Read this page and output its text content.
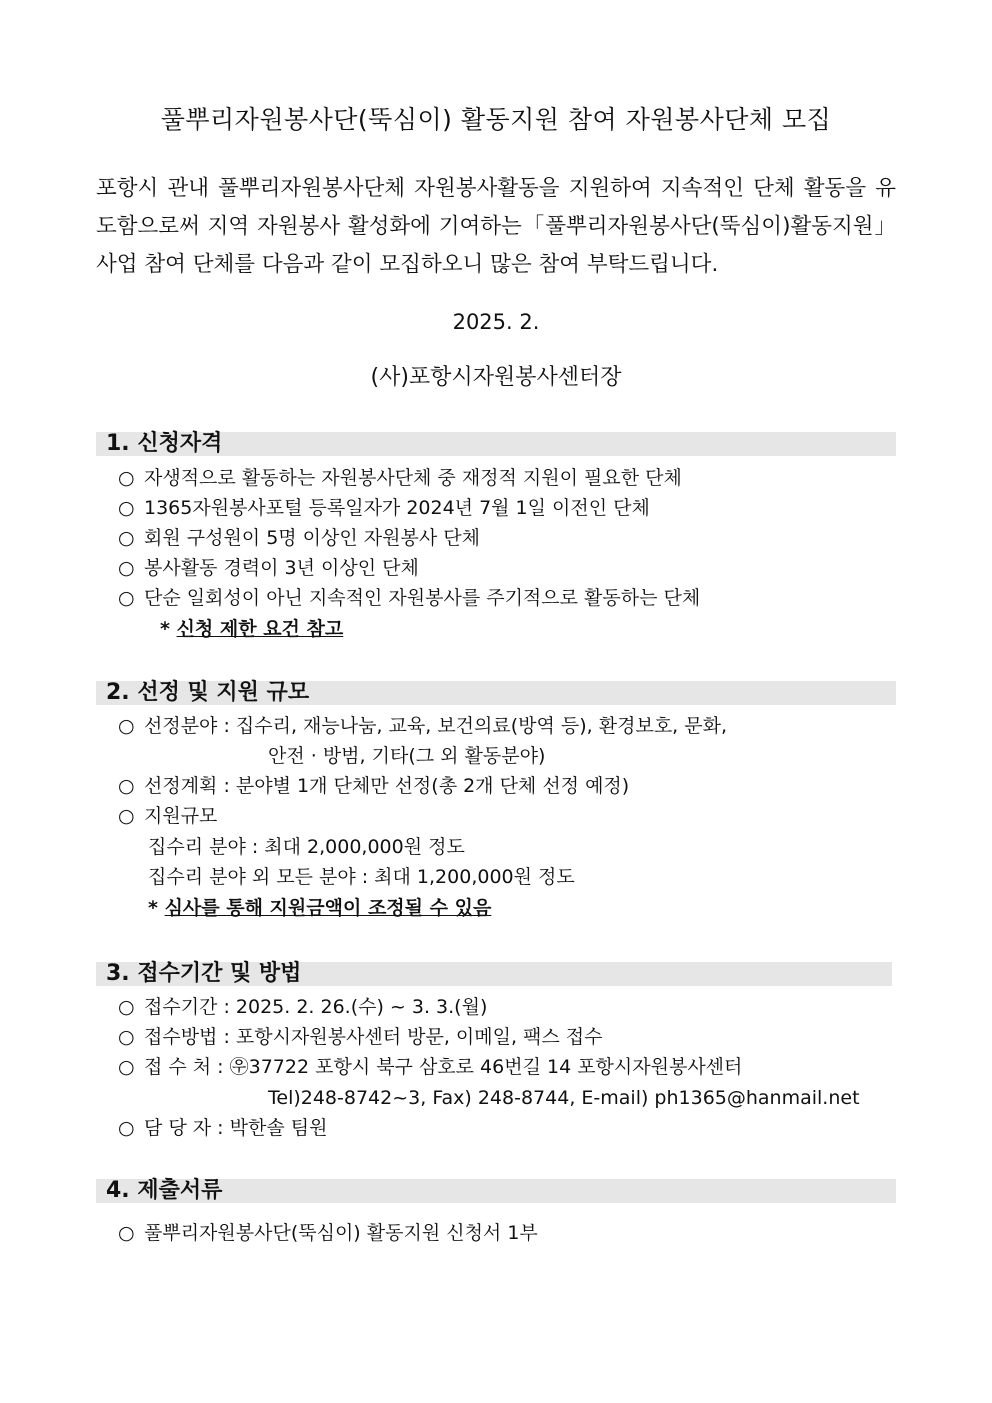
풀뿌리자원봉사단(뚝심이) 활동지원 참여 자원봉사단체 모집

포항시 관내 풀뿌리자원봉사단체 자원봉사활동을 지원하여 지속적인 단체 활동을 유도함으로써 지역 자원봉사 활성화에 기여하는「풀뿌리자원봉사단(뚝심이)활동지원」사업 참여 단체를 다음과 같이 모집하오니 많은 참여 부탁드립니다.

2025. 2.
(사)포항시자원봉사센터장
1. 신청자격
○ 자생적으로 활동하는 자원봉사단체 중 재정적 지원이 필요한 단체
○ 1365자원봉사포털 등록일자가 2024년 7월 1일 이전인 단체
○ 회원 구성원이 5명 이상인 자원봉사 단체
○ 봉사활동 경력이 3년 이상인 단체
○ 단순 일회성이 아닌 지속적인 자원봉사를 주기적으로 활동하는 단체
* 신청 제한 요건 참고
2. 선정 및 지원 규모
○ 선정분야 : 집수리, 재능나눔, 교육, 보건의료(방역 등), 환경보호, 문화,
안전 · 방범, 기타(그 외 활동분야)
○ 선정계획 : 분야별 1개 단체만 선정(총 2개 단체 선정 예정)
○ 지원규모
집수리 분야 : 최대 2,000,000원 정도
집수리 분야 외 모든 분야 : 최대 1,200,000원 정도
* 심사를 통해 지원금액이 조정될 수 있음
3. 접수기간 및 방법
○ 접수기간 : 2025. 2. 26.(수) ~ 3. 3.(월)
○ 접수방법 : 포항시자원봉사센터 방문, 이메일, 팩스 접수
○ 접 수 처 : ㉾37722 포항시 북구 삼호로 46번길 14 포항시자원봉사센터
Tel)248-8742~3, Fax) 248-8744, E-mail) ph1365@hanmail.net
○ 담 당 자 : 박한솔 팀원
4. 제출서류
○ 풀뿌리자원봉사단(뚝심이) 활동지원 신청서 1부
